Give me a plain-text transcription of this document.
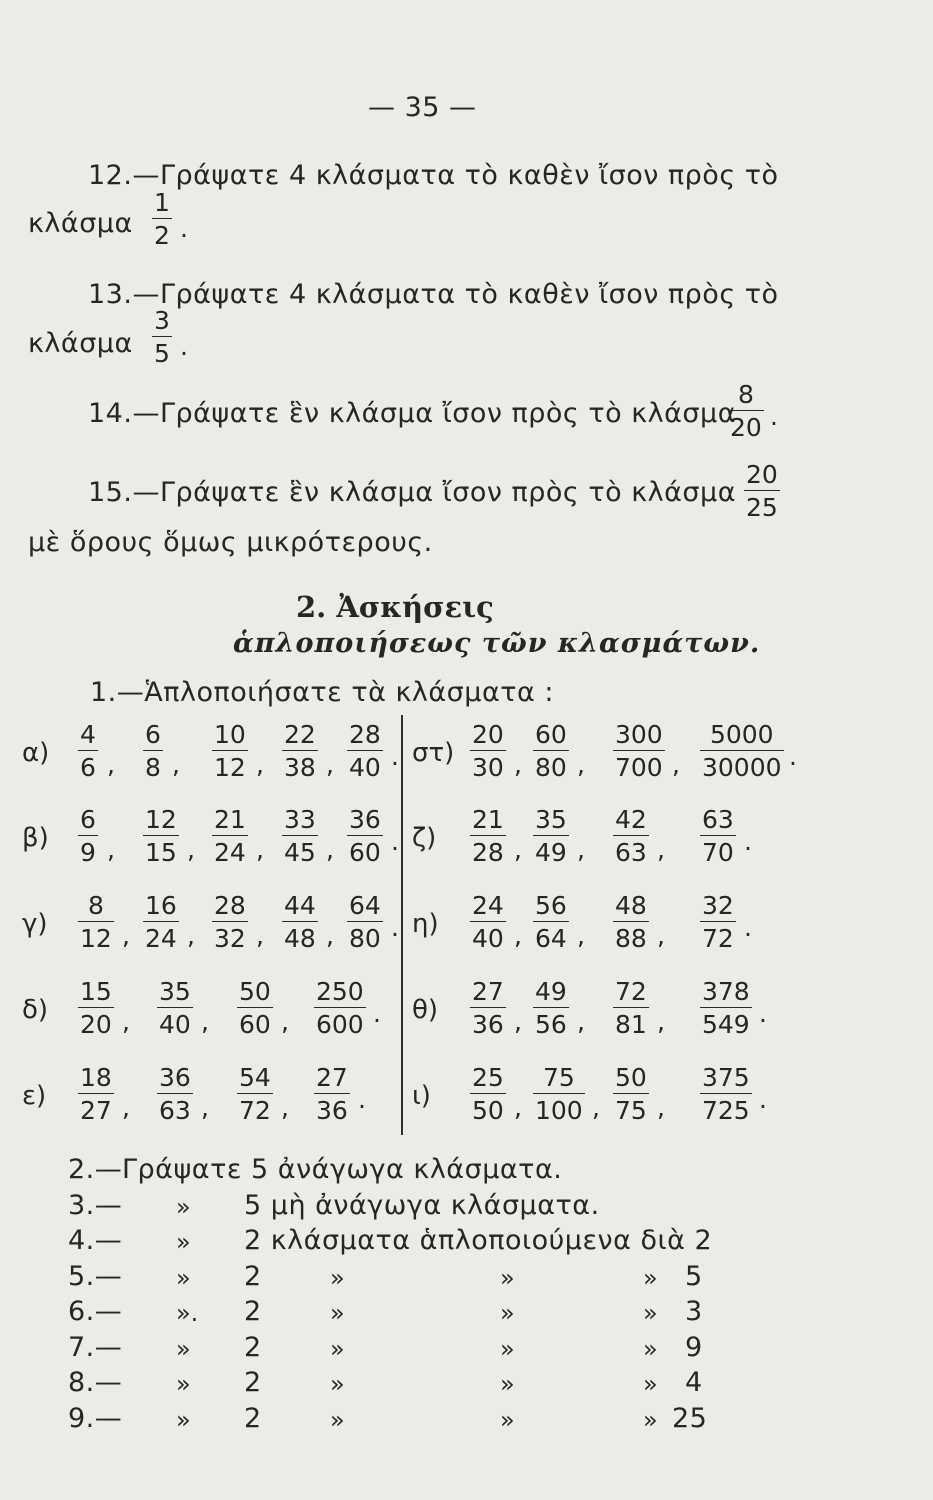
— 35 —
12.—Γράψατε 4 κλάσματα τὸ καθὲν ἴσον πρὸς τὸ
κλάσμα $\frac{1}{2}$ .
13.—Γράψατε 4 κλάσματα τὸ καθὲν ἴσον πρὸς τὸ
κλάσμα $\frac{3}{5}$ .
14.—Γράψατε ἓν κλάσμα ἴσον πρὸς τὸ κλάσμα
$\frac{8}{20}$ .
15.—Γράψατε ἓν κλάσμα ἴσον πρὸς τὸ κλάσμα $\frac{20}{25}$
μὲ ὅρους ὅμως μικρότερους.
2. Ἀσκήσεις
ἁπλοποιήσεως τῶν κλασμάτων.
1.—Ἁπλοποιήσατε τὰ κλάσματα :
$\alpha) \frac{4}{6}$ , $\frac{6}{8}$ , $\frac{10}{12}$ , $\frac{22}{38}$ , $\frac{28}{40}$ .
$\beta) \frac{6}{9}$ , $\frac{12}{15}$ , $\frac{21}{24}$ , $\frac{33}{45}$ , $\frac{36}{60}$ .
$\gamma) \frac{8}{12}$ , $\frac{16}{24}$ , $\frac{28}{32}$ , $\frac{44}{48}$ , $\frac{64}{80}$ .
$\delta) \frac{15}{20}$ , $\frac{35}{40}$ , $\frac{50}{60}$ , $\frac{250}{600}$ .
$\varepsilon) \frac{18}{27}$ , $\frac{36}{63}$ , $\frac{54}{72}$ , $\frac{27}{36}$ .
$\sigma\tau) \frac{20}{30}$ , $\frac{60}{80}$ , $\frac{300}{700}$ , $\frac{5000}{30000}$ .
$\zeta) \frac{21}{28}$ , $\frac{35}{49}$ , $\frac{42}{63}$ , $\frac{63}{70}$ .
$\eta) \frac{24}{40}$ , $\frac{56}{64}$ , $\frac{48}{88}$ , $\frac{32}{72}$ .
$\theta) \frac{27}{36}$ , $\frac{49}{56}$ , $\frac{72}{81}$ , $\frac{378}{549}$ .
$\iota) \frac{25}{50}$ , $\frac{75}{100}$ , $\frac{50}{75}$ , $\frac{375}{725}$ .
2.— Γράψατε 5 ἀνάγωγα κλάσματα.
3.— » 5 μὴ ἀνάγωγα κλάσματα.
4.— » 2 κλάσματα ἁπλοποιούμενα διὰ 2
5.— » 2	»	»	» 5
6.— ». 2	»	»	» 3
7.— » 2	»	»	» 9
8.— » 2	»	»	» 4
9.— » 2	»	»	» 25
